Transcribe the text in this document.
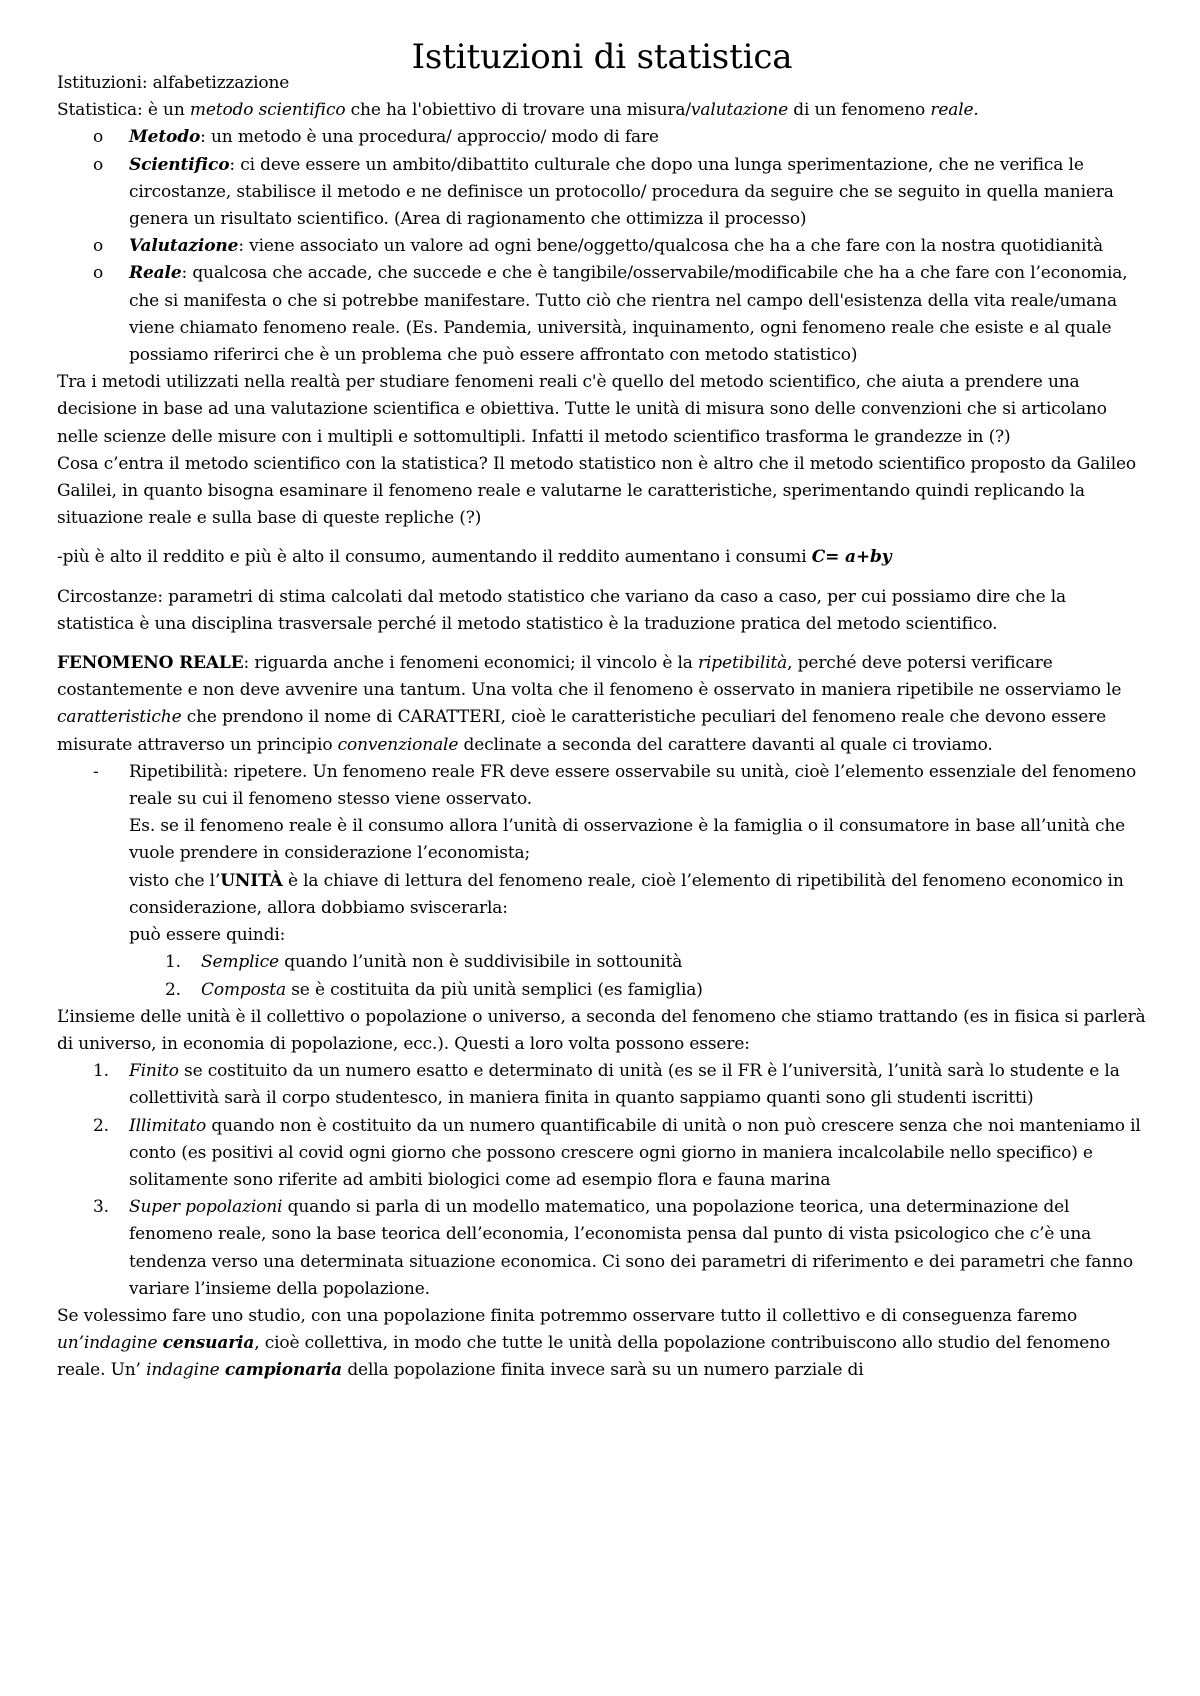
Istituzioni di statistica

Istituzioni: alfabetizzazione

Statistica: è un metodo scientifico che ha l'obiettivo di trovare una misura/valutazione di un fenomeno reale.

o Metodo: un metodo è una procedura/ approccio/ modo di fare
o Scientifico: ci deve essere un ambito/dibattito culturale che dopo una lunga sperimentazione, che ne verifica le circostanze, stabilisce il metodo e ne definisce un protocollo/ procedura da seguire che se seguito in quella maniera genera un risultato scientifico. (Area di ragionamento che ottimizza il processo)
o Valutazione: viene associato un valore ad ogni bene/oggetto/qualcosa che ha a che fare con la nostra quotidianità
o Reale: qualcosa che accade, che succede e che è tangibile/osservabile/modificabile che ha a che fare con l’economia, che si manifesta o che si potrebbe manifestare. Tutto ciò che rientra nel campo dell'esistenza della vita reale/umana viene chiamato fenomeno reale. (Es. Pandemia, università, inquinamento, ogni fenomeno reale che esiste e al quale possiamo riferirci che è un problema che può essere affrontato con metodo statistico)

Tra i metodi utilizzati nella realtà per studiare fenomeni reali c'è quello del metodo scientifico, che aiuta a prendere una decisione in base ad una valutazione scientifica e obiettiva. Tutte le unità di misura sono delle convenzioni che si articolano nelle scienze delle misure con i multipli e sottomultipli. Infatti il metodo scientifico trasforma le grandezze in (?)

Cosa c’entra il metodo scientifico con la statistica? Il metodo statistico non è altro che il metodo scientifico proposto da Galileo Galilei, in quanto bisogna esaminare il fenomeno reale e valutarne le caratteristiche, sperimentando quindi replicando la situazione reale e sulla base di queste repliche (?)

-più è alto il reddito e più è alto il consumo, aumentando il reddito aumentano i consumi C= a+by

Circostanze: parametri di stima calcolati dal metodo statistico che variano da caso a caso, per cui possiamo dire che la statistica è una disciplina trasversale perché il metodo statistico è la traduzione pratica del metodo scientifico.

FENOMENO REALE: riguarda anche i fenomeni economici; il vincolo è la ripetibilità, perché deve potersi verificare costantemente e non deve avvenire una tantum. Una volta che il fenomeno è osservato in maniera ripetibile ne osserviamo le caratteristiche che prendono il nome di CARATTERI, cioè le caratteristiche peculiari del fenomeno reale che devono essere misurate attraverso un principio convenzionale declinate a seconda del carattere davanti al quale ci troviamo.

- Ripetibilità: ripetere. Un fenomeno reale FR deve essere osservabile su unità, cioè l’elemento essenziale del fenomeno reale su cui il fenomeno stesso viene osservato.
Es. se il fenomeno reale è il consumo allora l’unità di osservazione è la famiglia o il consumatore in base all’unità che vuole prendere in considerazione l’economista;
visto che l’UNITÀ è la chiave di lettura del fenomeno reale, cioè l’elemento di ripetibilità del fenomeno economico in considerazione, allora dobbiamo sviscerarla:
può essere quindi:
1. Semplice quando l’unità non è suddivisibile in sottounità
2. Composta se è costituita da più unità semplici (es famiglia)

L’insieme delle unità è il collettivo o popolazione o universo, a seconda del fenomeno che stiamo trattando (es in fisica si parlerà di universo, in economia di popolazione, ecc.). Questi a loro volta possono essere:

1. Finito se costituito da un numero esatto e determinato di unità (es se il FR è l’università, l’unità sarà lo studente e la collettività sarà il corpo studentesco, in maniera finita in quanto sappiamo quanti sono gli studenti iscritti)
2. Illimitato quando non è costituito da un numero quantificabile di unità o non può crescere senza che noi manteniamo il conto (es positivi al covid ogni giorno che possono crescere ogni giorno in maniera incalcolabile nello specifico) e solitamente sono riferite ad ambiti biologici come ad esempio flora e fauna marina
3. Super popolazioni quando si parla di un modello matematico, una popolazione teorica, una determinazione del fenomeno reale, sono la base teorica dell’economia, l’economista pensa dal punto di vista psicologico che c’è una tendenza verso una determinata situazione economica. Ci sono dei parametri di riferimento e dei parametri che fanno variare l’insieme della popolazione.

Se volessimo fare uno studio, con una popolazione finita potremmo osservare tutto il collettivo e di conseguenza faremo un’indagine censuaria, cioè collettiva, in modo che tutte le unità della popolazione contribuiscono allo studio del fenomeno reale. Un’ indagine campionaria della popolazione finita invece sarà su un numero parziale di
